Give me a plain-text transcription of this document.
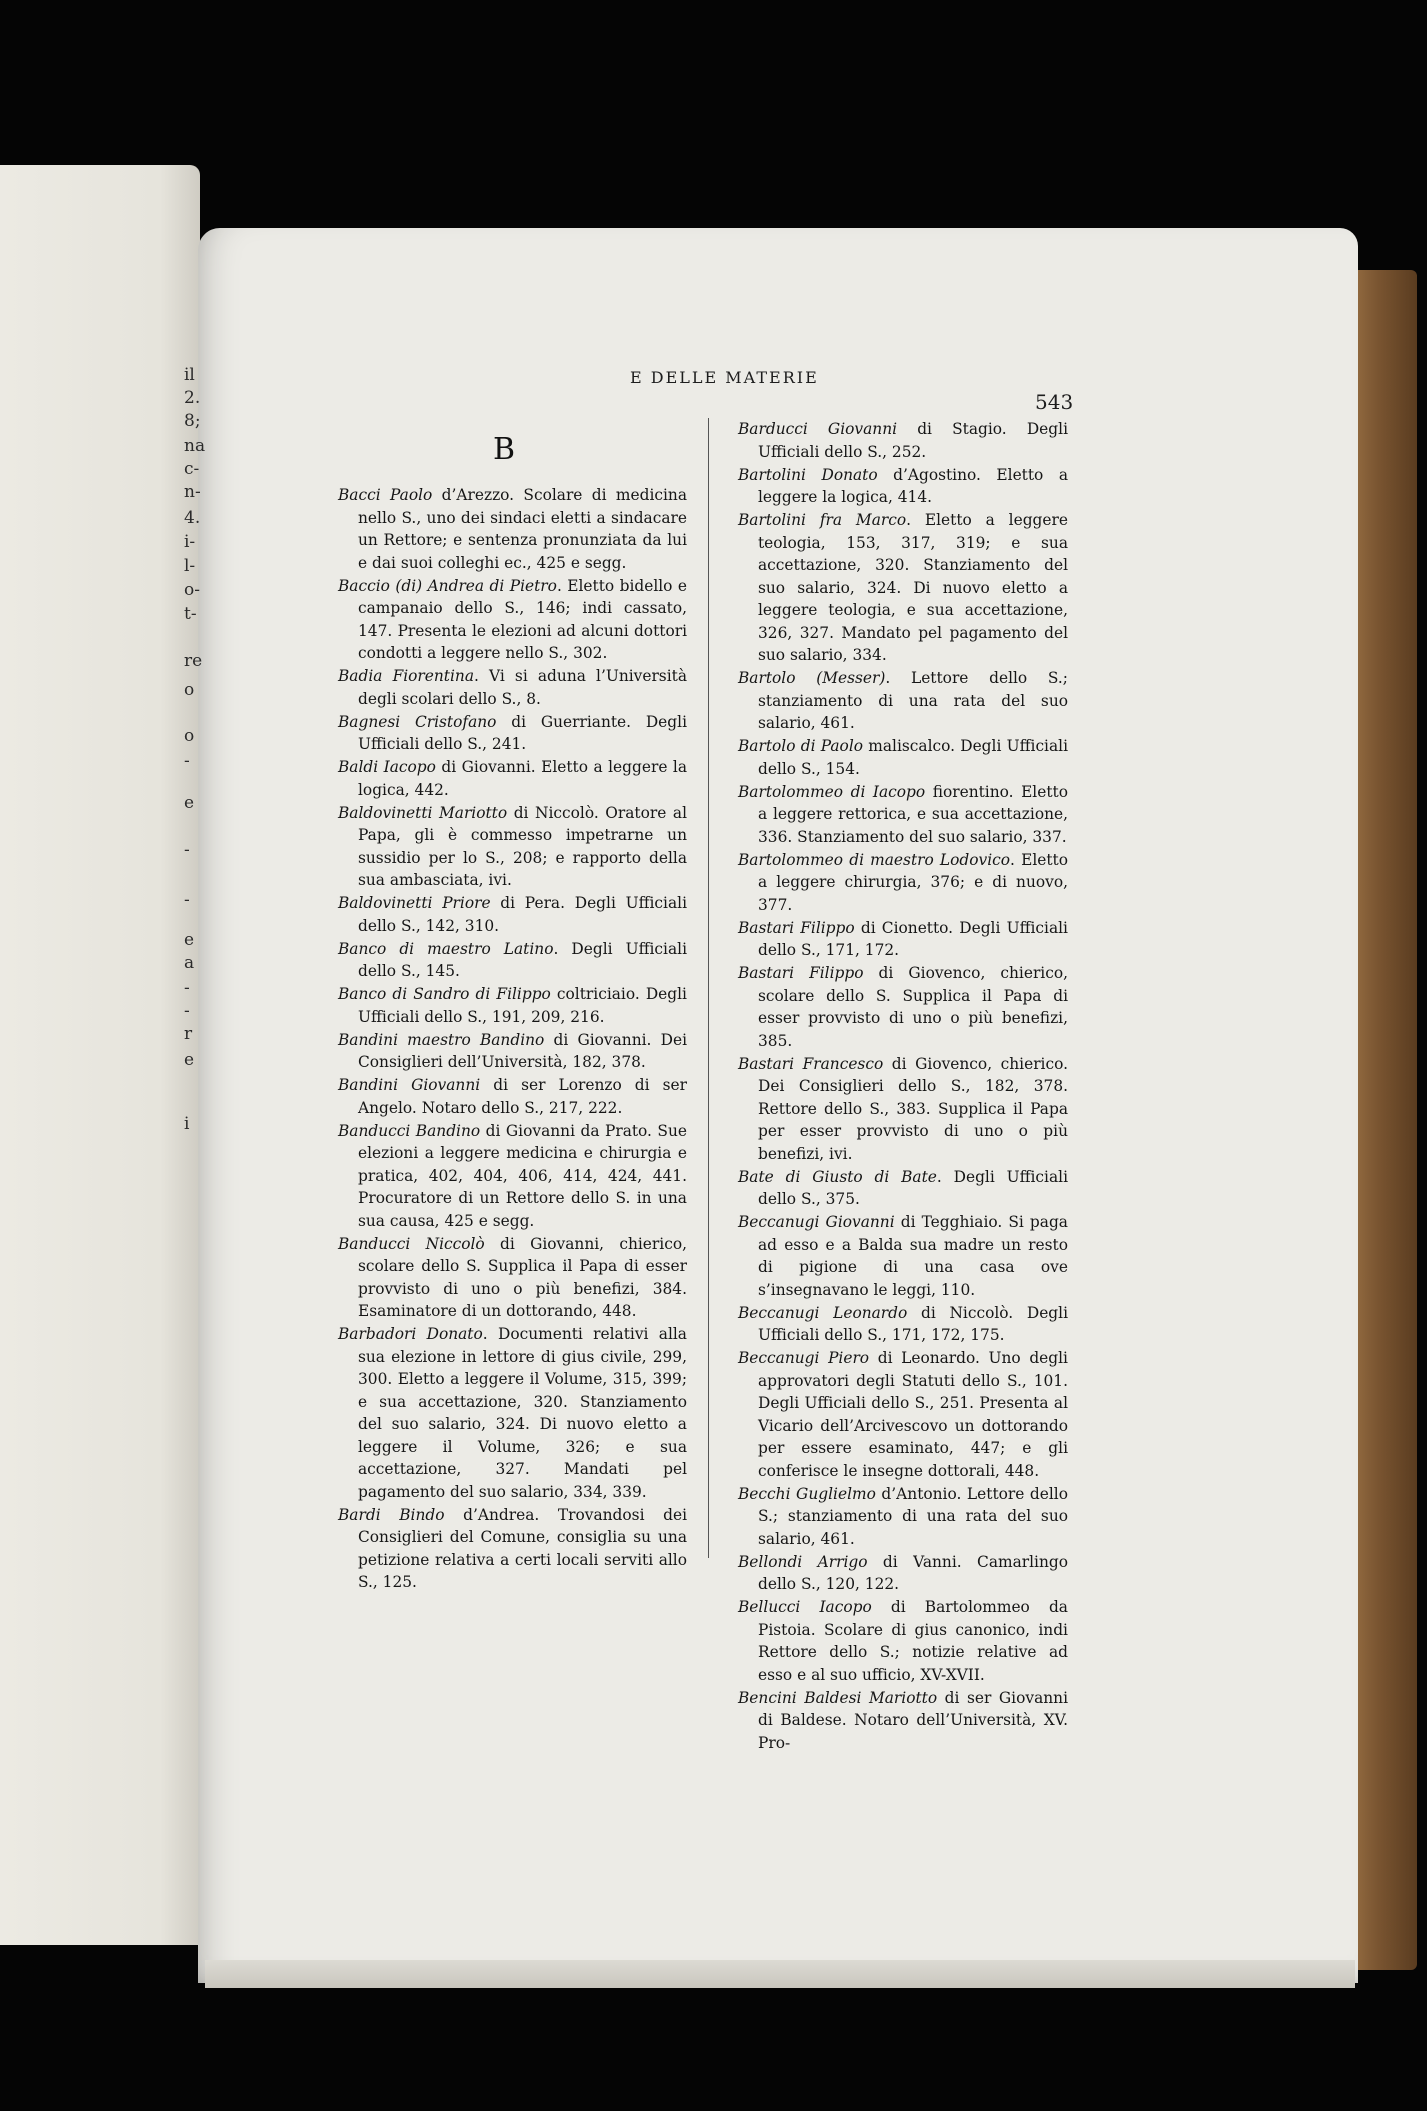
il
2.
8;
na
c-
n-
4.
i-
l-
o-
t-
re
o
o
-
e
-
-
e
a
-
-
r
e
i
E DELLE MATERIE
543
B

Bacci Paolo d’Arezzo. Scolare di medicina nello S., uno dei sindaci eletti a sindacare un Rettore; e sentenza pronunziata da lui e dai suoi colleghi ec., 425 e segg.

Baccio (di) Andrea di Pietro. Eletto bidello e campanaio dello S., 146; indi cassato, 147. Presenta le elezioni ad alcuni dottori condotti a leggere nello S., 302.

Badia Fiorentina. Vi si aduna l’Università degli scolari dello S., 8.

Bagnesi Cristofano di Guerriante. Degli Ufficiali dello S., 241.

Baldi Iacopo di Giovanni. Eletto a leggere la logica, 442.

Baldovinetti Mariotto di Niccolò. Oratore al Papa, gli è commesso impetrarne un sussidio per lo S., 208; e rapporto della sua ambasciata, ivi.

Baldovinetti Priore di Pera. Degli Ufficiali dello S., 142, 310.

Banco di maestro Latino. Degli Ufficiali dello S., 145.

Banco di Sandro di Filippo coltriciaio. Degli Ufficiali dello S., 191, 209, 216.

Bandini maestro Bandino di Giovanni. Dei Consiglieri dell’Università, 182, 378.

Bandini Giovanni di ser Lorenzo di ser Angelo. Notaro dello S., 217, 222.

Banducci Bandino di Giovanni da Prato. Sue elezioni a leggere medicina e chirurgia e pratica, 402, 404, 406, 414, 424, 441. Procuratore di un Rettore dello S. in una sua causa, 425 e segg.

Banducci Niccolò di Giovanni, chierico, scolare dello S. Supplica il Papa di esser provvisto di uno o più benefizi, 384. Esaminatore di un dottorando, 448.

Barbadori Donato. Documenti relativi alla sua elezione in lettore di gius civile, 299, 300. Eletto a leggere il Volume, 315, 399; e sua accettazione, 320. Stanziamento del suo salario, 324. Di nuovo eletto a leggere il Volume, 326; e sua accettazione, 327. Mandati pel pagamento del suo salario, 334, 339.

Bardi Bindo d’Andrea. Trovandosi dei Consiglieri del Comune, consiglia su una petizione relativa a certi locali serviti allo S., 125.

Barducci Giovanni di Stagio. Degli Ufficiali dello S., 252.

Bartolini Donato d’Agostino. Eletto a leggere la logica, 414.

Bartolini fra Marco. Eletto a leggere teologia, 153, 317, 319; e sua accettazione, 320. Stanziamento del suo salario, 324. Di nuovo eletto a leggere teologia, e sua accettazione, 326, 327. Mandato pel pagamento del suo salario, 334.

Bartolo (Messer). Lettore dello S.; stanziamento di una rata del suo salario, 461.

Bartolo di Paolo maliscalco. Degli Ufficiali dello S., 154.

Bartolommeo di Iacopo fiorentino. Eletto a leggere rettorica, e sua accettazione, 336. Stanziamento del suo salario, 337.

Bartolommeo di maestro Lodovico. Eletto a leggere chirurgia, 376; e di nuovo, 377.

Bastari Filippo di Cionetto. Degli Ufficiali dello S., 171, 172.

Bastari Filippo di Giovenco, chierico, scolare dello S. Supplica il Papa di esser provvisto di uno o più benefizi, 385.

Bastari Francesco di Giovenco, chierico. Dei Consiglieri dello S., 182, 378. Rettore dello S., 383. Supplica il Papa per esser provvisto di uno o più benefizi, ivi.

Bate di Giusto di Bate. Degli Ufficiali dello S., 375.

Beccanugi Giovanni di Tegghiaio. Si paga ad esso e a Balda sua madre un resto di pigione di una casa ove s’insegnavano le leggi, 110.

Beccanugi Leonardo di Niccolò. Degli Ufficiali dello S., 171, 172, 175.

Beccanugi Piero di Leonardo. Uno degli approvatori degli Statuti dello S., 101. Degli Ufficiali dello S., 251. Presenta al Vicario dell’Arcivescovo un dottorando per essere esaminato, 447; e gli conferisce le insegne dottorali, 448.

Becchi Guglielmo d’Antonio. Lettore dello S.; stanziamento di una rata del suo salario, 461.

Bellondi Arrigo di Vanni. Camarlingo dello S., 120, 122.

Bellucci Iacopo di Bartolommeo da Pistoia. Scolare di gius canonico, indi Rettore dello S.; notizie relative ad esso e al suo ufficio, XV-XVII.

Bencini Baldesi Mariotto di ser Giovanni di Baldese. Notaro dell’Università, XV. Pro-
